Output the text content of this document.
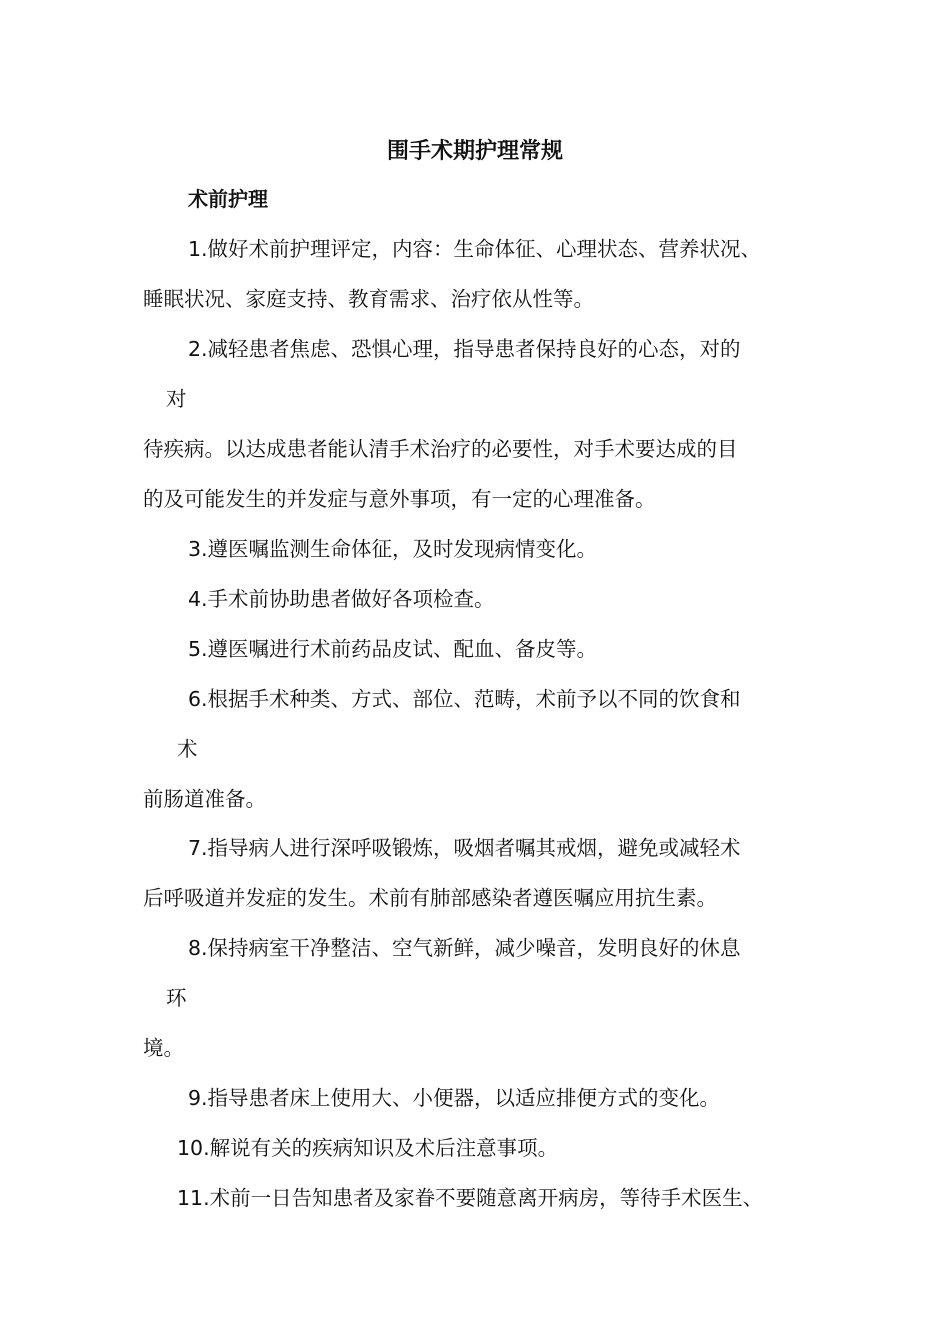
围手术期护理常规
术前护理
1.做好术前护理评定，内容：生命体征、心理状态、营养状况、
睡眠状况、家庭支持、教育需求、治疗依从性等。
2.减轻患者焦虑、恐惧心理，指导患者保持良好的心态，对的
对
待疾病。以达成患者能认清手术治疗的必要性，对手术要达成的目
的及可能发生的并发症与意外事项，有一定的心理准备。
3.遵医嘱监测生命体征，及时发现病情变化。
4.手术前协助患者做好各项检查。
5.遵医嘱进行术前药品皮试、配血、备皮等。
6.根据手术种类、方式、部位、范畴，术前予以不同的饮食和
术
前肠道准备。
7.指导病人进行深呼吸锻炼，吸烟者嘱其戒烟，避免或减轻术
后呼吸道并发症的发生。术前有肺部感染者遵医嘱应用抗生素。
8.保持病室干净整洁、空气新鲜，减少噪音，发明良好的休息
环
境。
9.指导患者床上使用大、小便器，以适应排便方式的变化。
10.解说有关的疾病知识及术后注意事项。
11.术前一日告知患者及家眷不要随意离开病房，等待手术医生、
